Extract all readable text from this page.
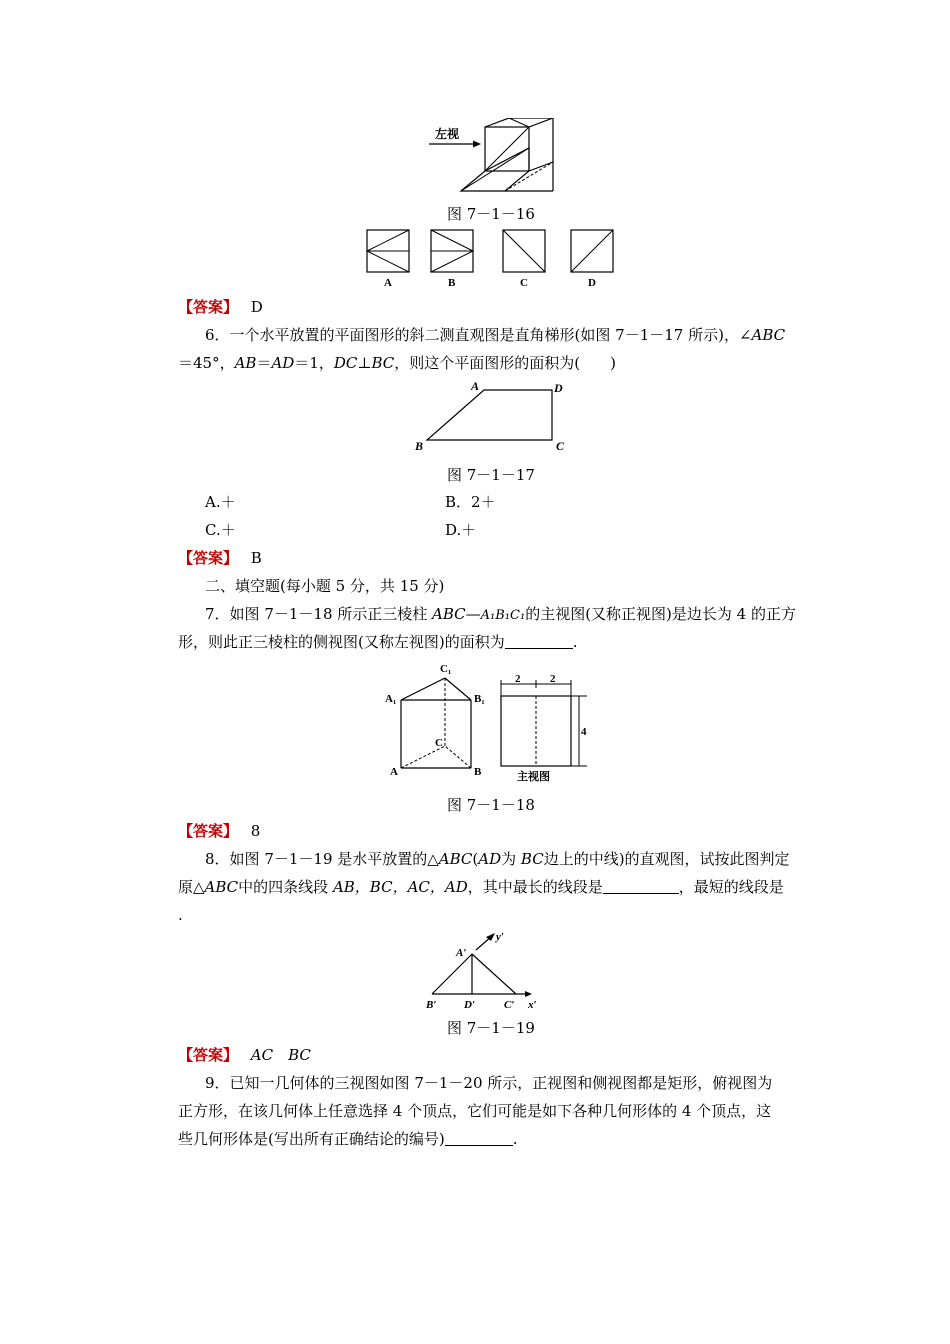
左视
图 7－1－16
A	B	C	D
【答案】 D
6．一个水平放置的平面图形的斜二测直观图是直角梯形(如图 7－1－17 所示)，∠ABC
＝45°，AB＝AD＝1，DC⊥BC，则这个平面图形的面积为(　　)
A	D
B	C
图 7－1－17
A.＋	B．2＋
C.＋	D.＋
【答案】 B
二、填空题(每小题 5 分，共 15 分)
7．如图 7－1－18 所示正三棱柱 ABC—A₁B₁C₁的主视图(又称正视图)是边长为 4 的正方
形，则此正三棱柱的侧视图(又称左视图)的面积为	.
C₁
A₁	B₁
C
A	B
2	2
4
主视图
图 7－1－18
【答案】 8
8．如图 7－1－19 是水平放置的△ABC(AD为 BC边上的中线)的直观图，试按此图判定
原△ABC中的四条线段 AB，BC，AC，AD，其中最长的线段是	，最短的线段是
.
A′
y′
B′	D′	C′ x′
图 7－1－19
【答案】 AC　BC
9．已知一几何体的三视图如图 7－1－20 所示，正视图和侧视图都是矩形，俯视图为
正方形，在该几何体上任意选择 4 个顶点，它们可能是如下各种几何形体的 4 个顶点，这
些几何形体是(写出所有正确结论的编号)	.
